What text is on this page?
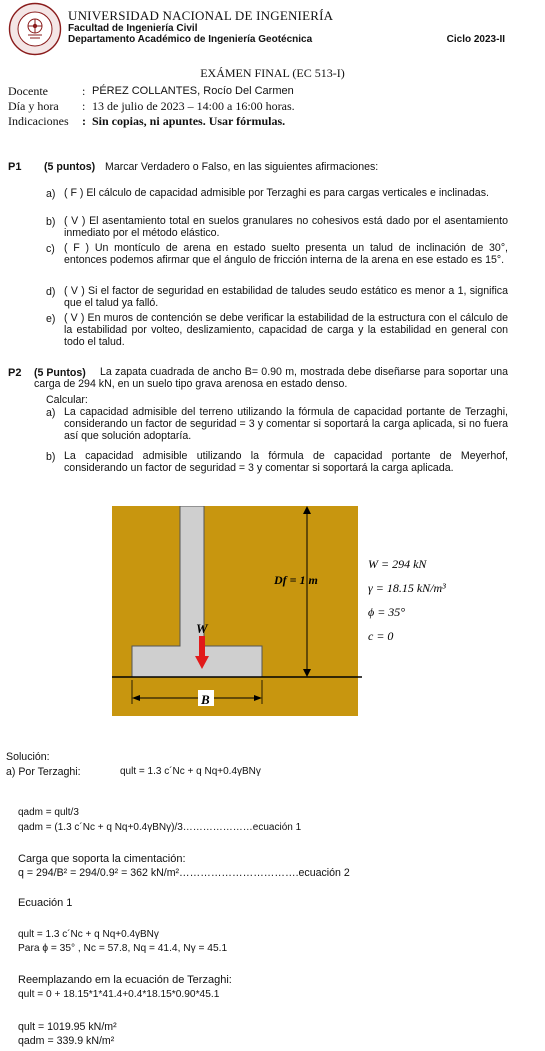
UNIVERSIDAD NACIONAL DE INGENIERÍA
Facultad de Ingeniería Civil
Departamento Académico de Ingeniería Geotécnica	Ciclo 2023-II
EXÁMEN FINAL (EC 513-I)
Docente	: PÉREZ COLLANTES, Rocío Del Carmen
Día y hora : 13 de julio de 2023 – 14:00 a 16:00 horas.
Indicaciones : Sin copias, ni apuntes. Usar fórmulas.
P1 (5 puntos) Marcar Verdadero o Falso, en las siguientes afirmaciones:
a) ( F ) El cálculo de capacidad admisible por Terzaghi es para cargas verticales e inclinadas.
b) ( V ) El asentamiento total en suelos granulares no cohesivos está dado por el asentamiento inmediato por el método elástico.
c) ( F ) Un montículo de arena en estado suelto presenta un talud de inclinación de 30°, entonces podemos afirmar que el ángulo de fricción interna de la arena en ese estado es 15°.
d) ( V ) Si el factor de seguridad en estabilidad de taludes seudo estático es menor a 1, significa que el talud ya falló.
e) ( V ) En muros de contención se debe verificar la estabilidad de la estructura con el cálculo de la estabilidad por volteo, deslizamiento, capacidad de carga y la estabilidad en general con todo el talud.
P2 (5 Puntos)	La zapata cuadrada de ancho B= 0.90 m, mostrada debe diseñarse para soportar una carga de 294 kN, en un suelo tipo grava arenosa en estado denso.
Calcular:
a) La capacidad admisible del terreno utilizando la fórmula de capacidad portante de Terzaghi, considerando un factor de seguridad = 3 y comentar si soportará la carga aplicada, si no fuera así que solución adoptaría.
b) La capacidad admisible utilizando la fórmula de capacidad portante de Meyerhof, considerando un factor de seguridad = 3 y comentar si soportará la carga aplicada.
Df = 1 m
W
B
W = 294 kN
γ = 18.15 kN/m³
ϕ = 35°
c = 0
Solución:
a) Por Terzaghi:	qult = 1.3 c´Nc + q Nq+0.4γBNγ
qadm = qult/3
qadm = (1.3 c´Nc + q Nq+0.4γBNγ)/3…………………ecuación 1
Carga que soporta la cimentación:
q = 294/B² = 294/0.9² = 362 kN/m²…………………………….ecuación 2
Ecuación 1
qult = 1.3 c´Nc + q Nq+0.4γBNγ
Para ϕ = 35° , Nc = 57.8, Nq = 41.4, Nγ = 45.1
Reemplazando em la ecuación de Terzaghi:
qult = 0 + 18.15*1*41.4+0.4*18.15*0.90*45.1
qult = 1019.95 kN/m²
qadm = 339.9 kN/m²
